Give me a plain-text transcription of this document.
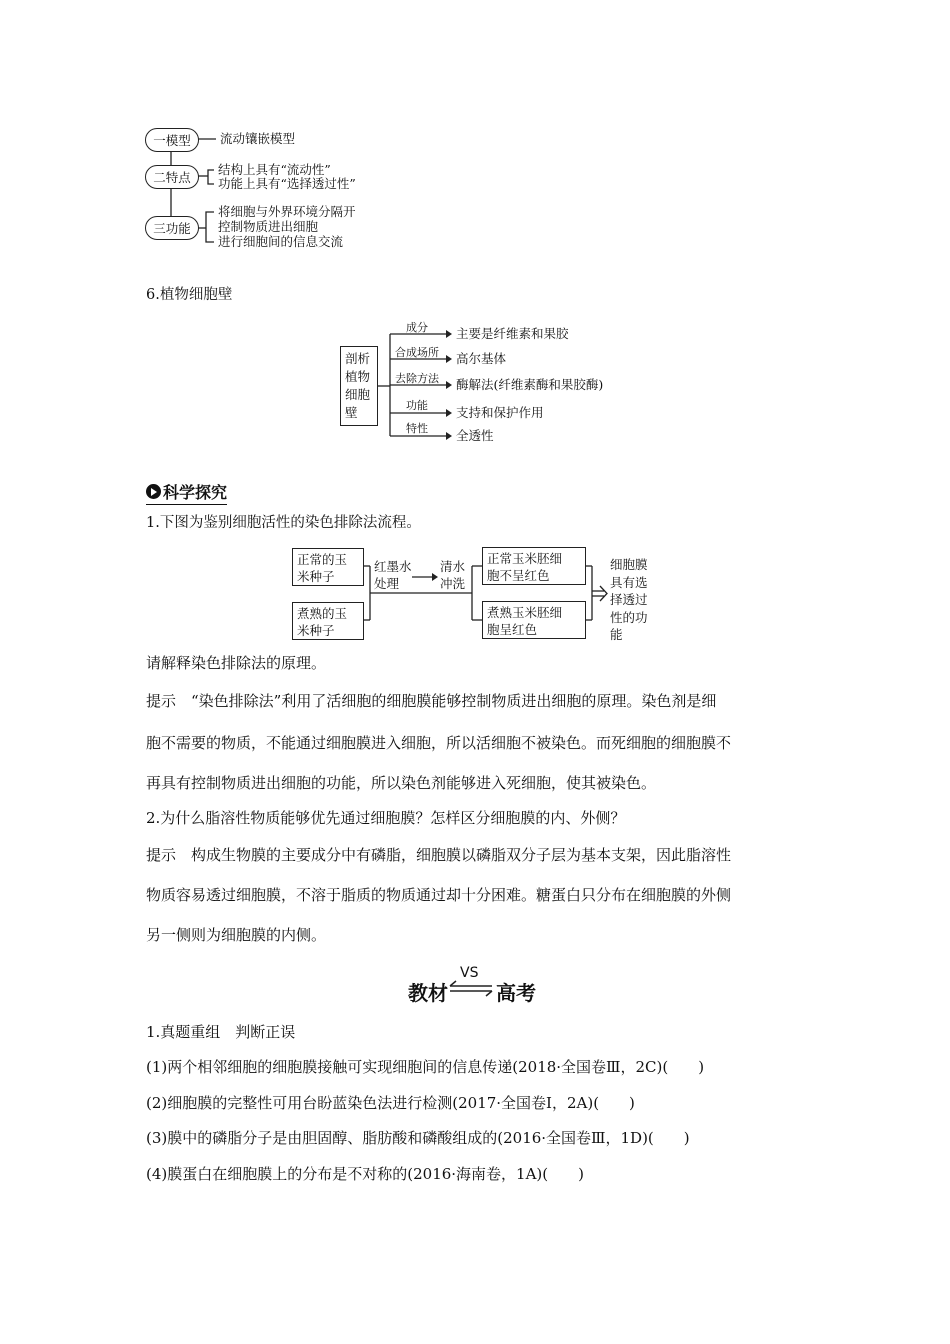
一模型 流动镶嵌模型
二特点
结构上具有“流动性”
功能上具有“选择透过性”
三功能
将细胞与外界环境分隔开
控制物质进出细胞
进行细胞间的信息交流
6.植物细胞壁
剖析
植物
细胞
壁
成分 主要是纤维素和果胶
合成场所 高尔基体
去除方法 酶解法(纤维素酶和果胶酶)
功能 支持和保护作用
特性 全透性
科学探究
1.下图为鉴别细胞活性的染色排除法流程。
正常的玉
米种子
煮熟的玉
米种子
红墨水
处理
清水
冲洗
正常玉米胚细
胞不呈红色
煮熟玉米胚细
胞呈红色
细胞膜
具有选
择透过
性的功
能
请解释染色排除法的原理。
提示　“染色排除法”利用了活细胞的细胞膜能够控制物质进出细胞的原理。染色剂是细
胞不需要的物质，不能通过细胞膜进入细胞，所以活细胞不被染色。而死细胞的细胞膜不
再具有控制物质进出细胞的功能，所以染色剂能够进入死细胞，使其被染色。
2.为什么脂溶性物质能够优先通过细胞膜？怎样区分细胞膜的内、外侧？
提示　构成生物膜的主要成分中有磷脂，细胞膜以磷脂双分子层为基本支架，因此脂溶性
物质容易透过细胞膜，不溶于脂质的物质通过却十分困难。糖蛋白只分布在细胞膜的外侧
另一侧则为细胞膜的内侧。
教材
VS
高考
1.真题重组　判断正误
(1)两个相邻细胞的细胞膜接触可实现细胞间的信息传递(2018·全国卷Ⅲ，2C)(　　)
(2)细胞膜的完整性可用台盼蓝染色法进行检测(2017·全国卷Ⅰ，2A)(　　)
(3)膜中的磷脂分子是由胆固醇、脂肪酸和磷酸组成的(2016·全国卷Ⅲ，1D)(　　)
(4)膜蛋白在细胞膜上的分布是不对称的(2016·海南卷，1A)(　　)
